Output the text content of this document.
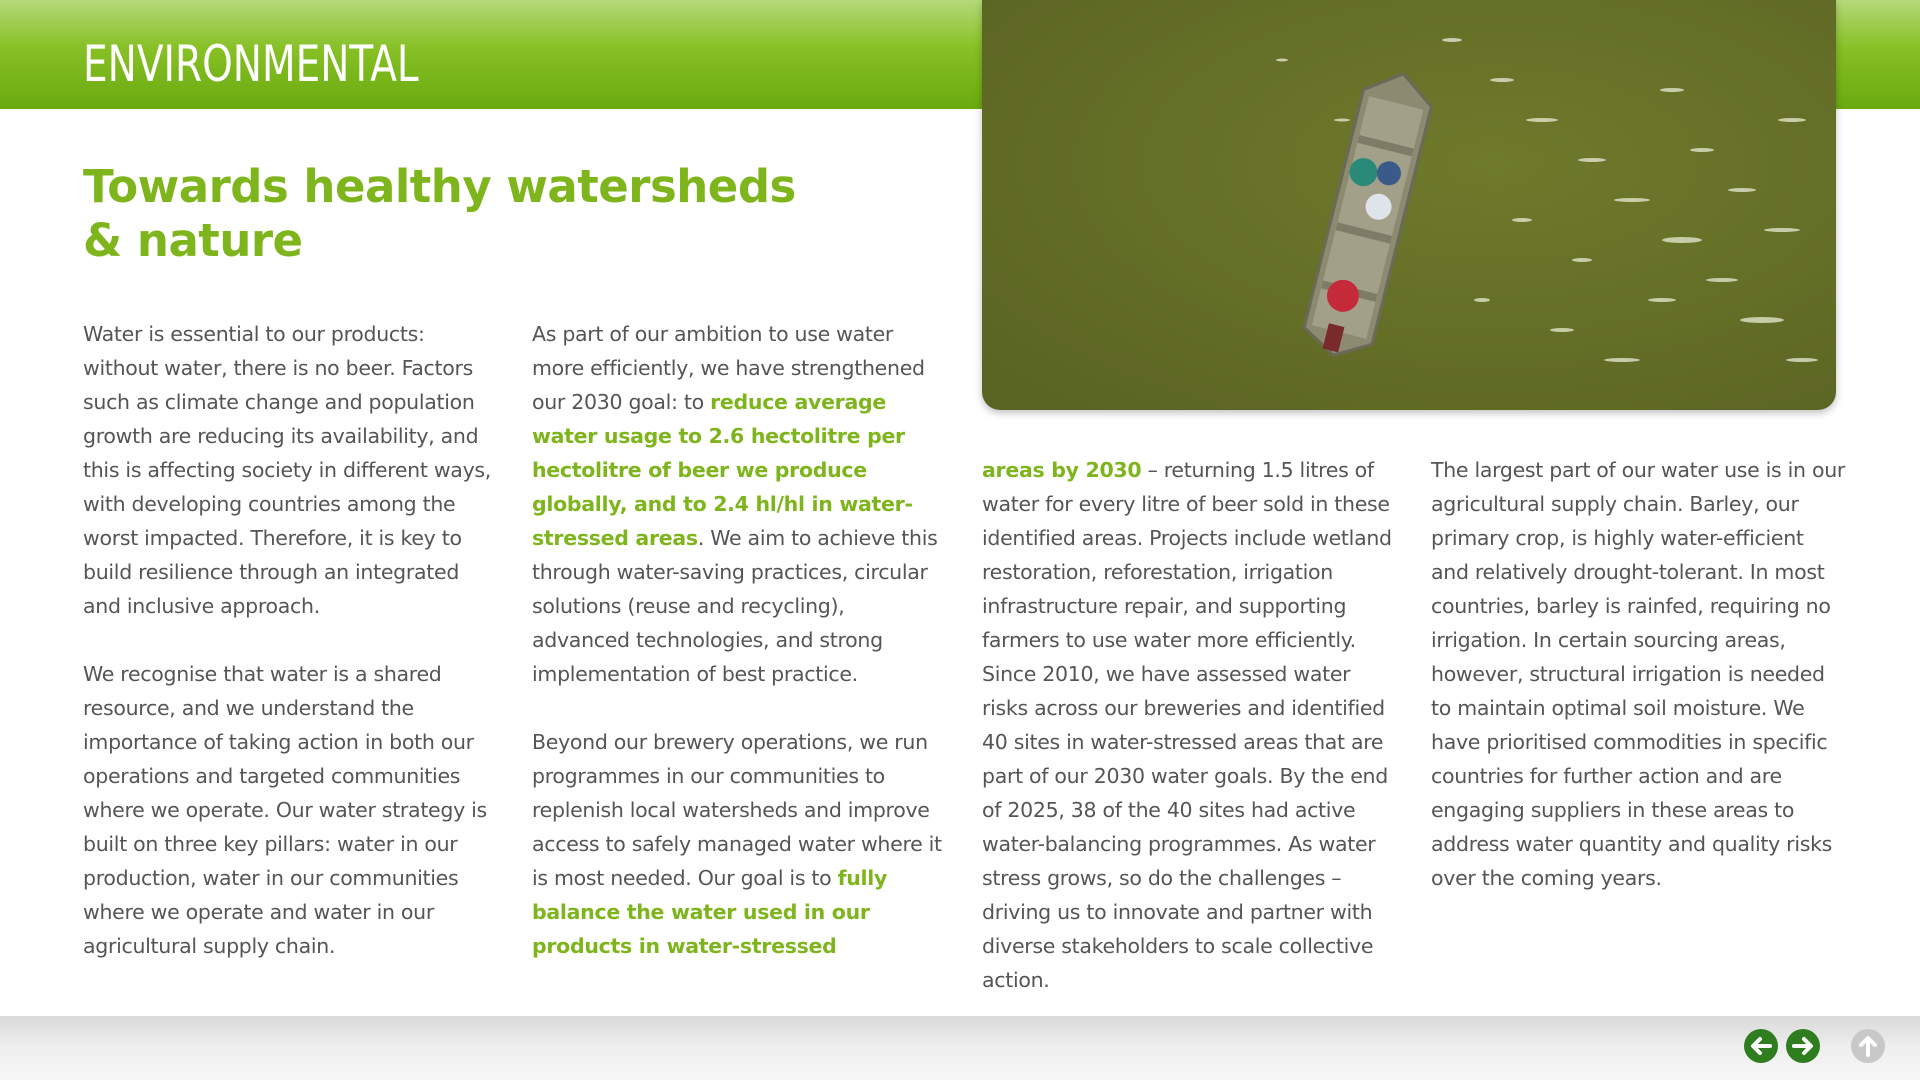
ENVIRONMENTAL
Towards healthy watersheds
& nature

Water is essential to our products: without water, there is no beer. Factors such as climate change and population growth are reducing its availability, and this is affecting society in different ways, with developing countries among the worst impacted. Therefore, it is key to build resilience through an integrated and inclusive approach.

We recognise that water is a shared resource, and we understand the importance of taking action in both our operations and targeted communities where we operate. Our water strategy is built on three key pillars: water in our production, water in our communities where we operate and water in our agricultural supply chain.

As part of our ambition to use water more efficiently, we have strengthened our 2030 goal: to reduce average water usage to 2.6 hectolitre per hectolitre of beer we produce globally, and to 2.4 hl/hl in water-stressed areas. We aim to achieve this through water-saving practices, circular solutions (reuse and recycling), advanced technologies, and strong implementation of best practice.

Beyond our brewery operations, we run programmes in our communities to replenish local watersheds and improve access to safely managed water where it is most needed. Our goal is to fully balance the water used in our products in water-stressed

areas by 2030 – returning 1.5 litres of water for every litre of beer sold in these identified areas. Projects include wetland restoration, reforestation, irrigation infrastructure repair, and supporting farmers to use water more efficiently. Since 2010, we have assessed water risks across our breweries and identified 40 sites in water-stressed areas that are part of our 2030 water goals. By the end of 2025, 38 of the 40 sites had active water-balancing programmes. As water stress grows, so do the challenges – driving us to innovate and partner with diverse stakeholders to scale collective action.

The largest part of our water use is in our agricultural supply chain. Barley, our primary crop, is highly water-efficient and relatively drought-tolerant. In most countries, barley is rainfed, requiring no irrigation. In certain sourcing areas, however, structural irrigation is needed to maintain optimal soil moisture. We have prioritised commodities in specific countries for further action and are engaging suppliers in these areas to address water quantity and quality risks over the coming years.
